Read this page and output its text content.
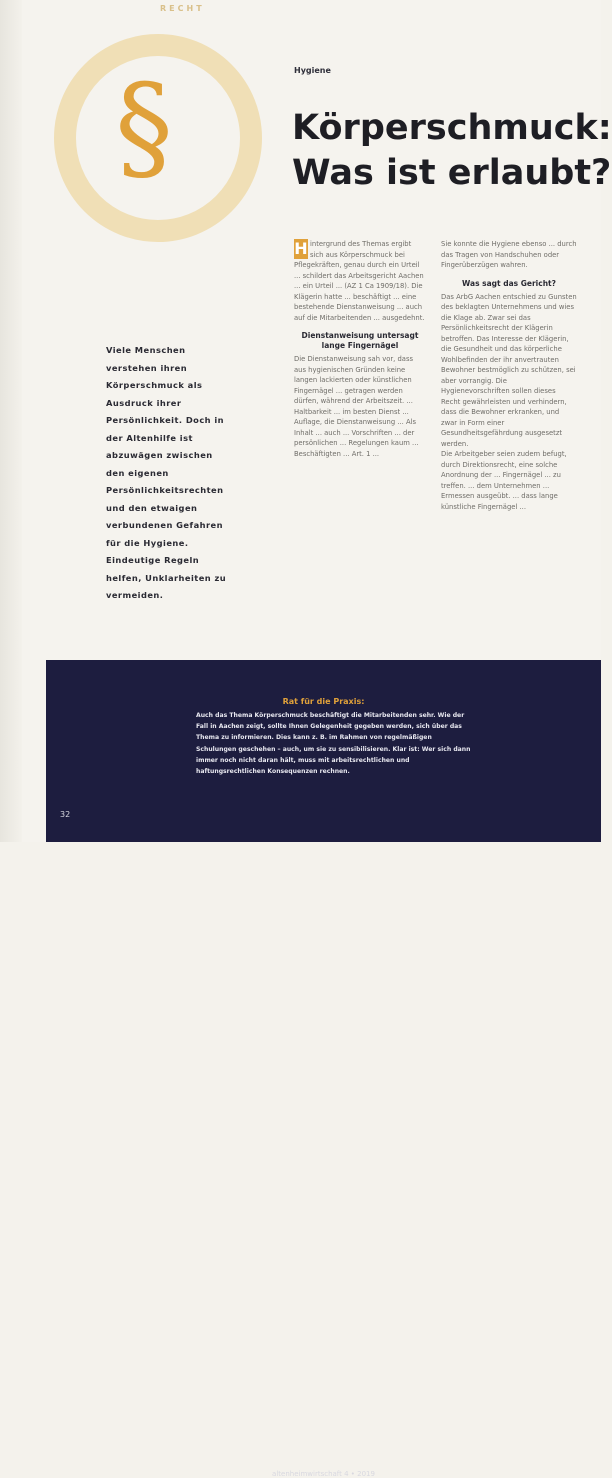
RECHT
§	Hygiene
Körperschmuck:
Was ist erlaubt?
Viele Menschen verstehen ihren Körperschmuck als Ausdruck ihrer Persönlichkeit. Doch in der Altenhilfe ist abzuwägen zwischen den eigenen Persönlichkeitsrechten und den etwaigen verbundenen Gefahren für die Hygiene. Eindeutige Regeln helfen, Unklarheiten zu vermeiden.
H intergrund des Themas ergibt sich aus Körperschmuck bei Pflegekräften, genau durch ein Urteil ... schildert das Arbeitsgericht Aachen ... ein Urteil ... (AZ 1 Ca 1909/18). Die Klägerin hatte ... beschäftigt ... eine bestehende Dienstanweisung ... auch auf die Mitarbeitenden ... ausgedehnt.

Dienstanweisung untersagt lange Fingernägel

Die Dienstanweisung sah vor, dass aus hygienischen Gründen keine langen lackierten oder künstlichen Fingernägel ... getragen werden dürfen, während der Arbeitszeit. ... Haltbarkeit ... im besten Dienst ... Auflage, die Dienstanweisung ... Als Inhalt ... auch ... Vorschriften ... der persönlichen ... Regelungen kaum ... Beschäftigten ... Art. 1 ...

Sie konnte die Hygiene ebenso ... durch das Tragen von Handschuhen oder Fingerüberzügen wahren.

Was sagt das Gericht?

Das ArbG Aachen entschied zu Gunsten des beklagten Unternehmens und wies die Klage ab. Zwar sei das Persönlichkeitsrecht der Klägerin betroffen. Das Interesse der Klägerin, die Gesundheit und das körperliche Wohlbefinden der ihr anvertrauten Bewohner bestmöglich zu schützen, sei aber vorrangig. Die Hygienevorschriften sollen dieses Recht gewährleisten und verhindern, dass die Bewohner erkranken, und zwar in Form einer Gesundheitsgefährdung ausgesetzt werden.

Die Arbeitgeber seien zudem befugt, durch Direktionsrecht, eine solche Anordnung der ... Fingernägel ... zu treffen. ... dem Unternehmen ... Ermessen ausgeübt. ... dass lange künstliche Fingernägel ...

Rat für die Praxis:
Auch das Thema Körperschmuck beschäftigt die Mitarbeitenden sehr. Wie der Fall in Aachen zeigt, sollte Ihnen Gelegenheit gegeben werden, sich über das Thema zu informieren. Dies kann z. B. im Rahmen von regelmäßigen Schulungen geschehen – auch, um sie zu sensibilisieren. Klar ist: Wer sich dann immer noch nicht daran hält, muss mit arbeitsrechtlichen und haftungsrechtlichen Konsequenzen rechnen.
altenheimwirtschaft 4 • 2019
32
